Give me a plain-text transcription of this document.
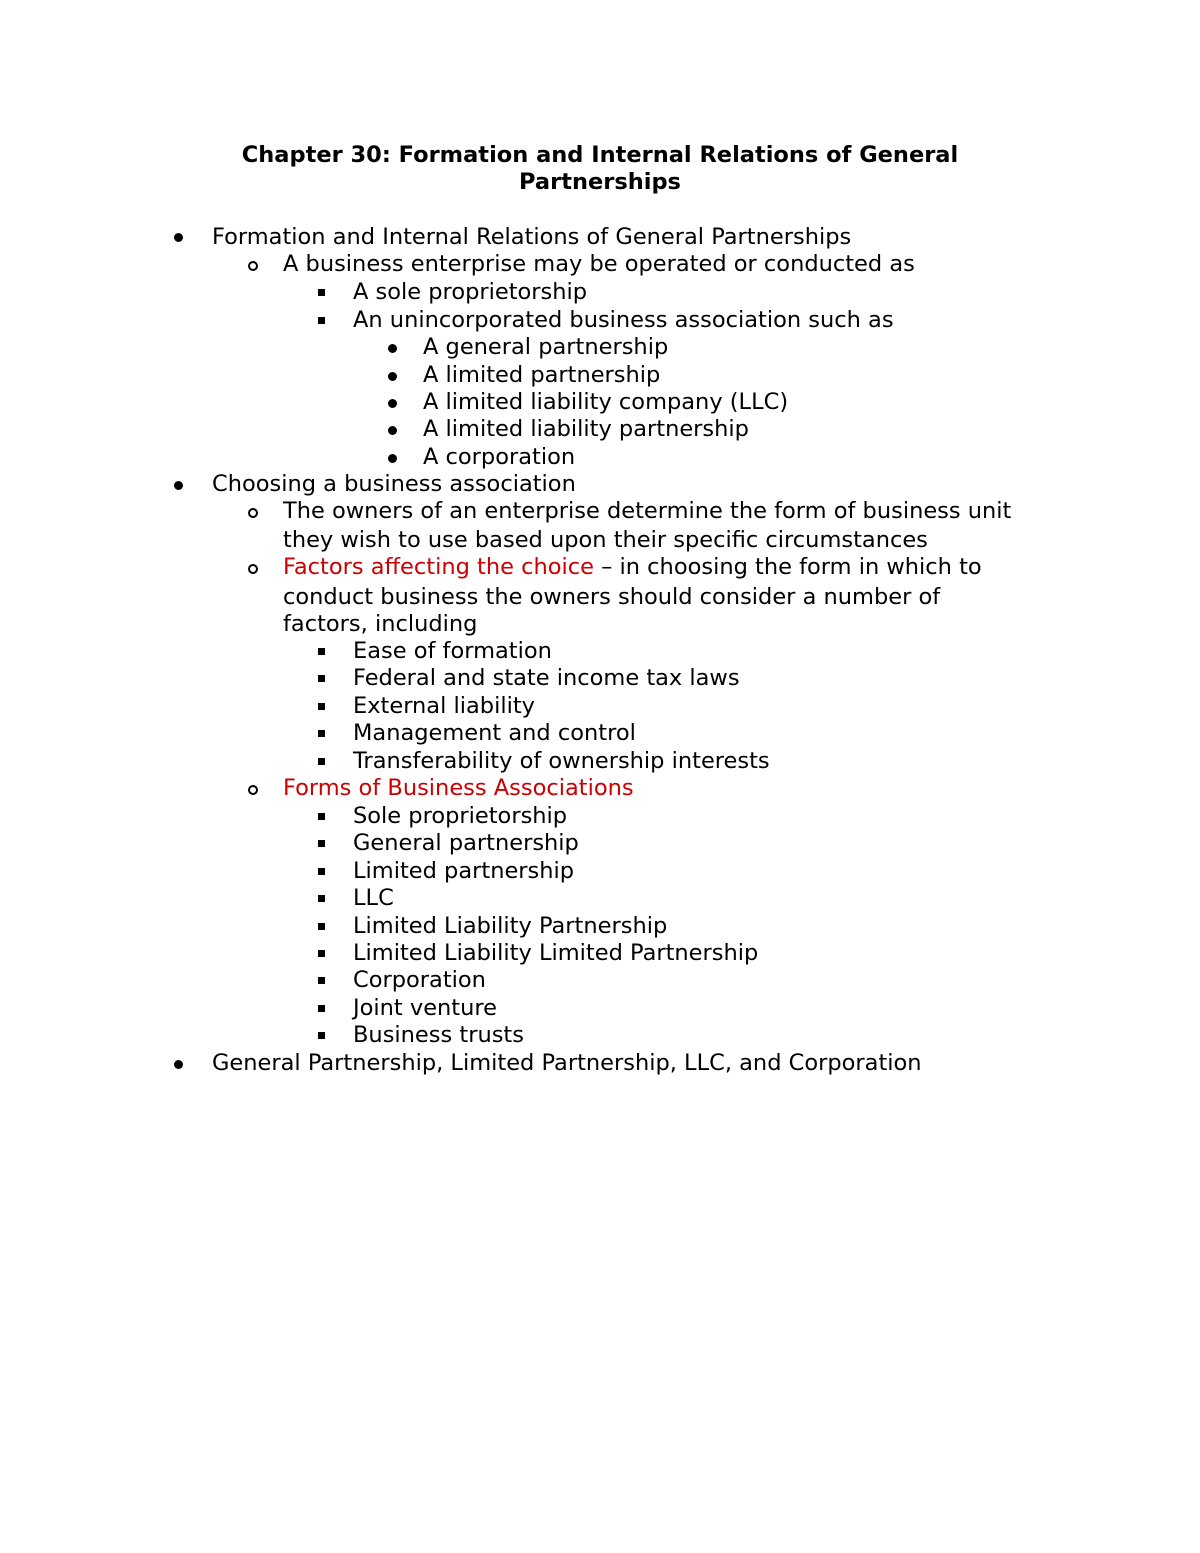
Chapter 30: Formation and Internal Relations of General
Partnerships
Formation and Internal Relations of General Partnerships
A business enterprise may be operated or conducted as
A sole proprietorship
An unincorporated business association such as
A general partnership
A limited partnership
A limited liability company (LLC)
A limited liability partnership
A corporation
Choosing a business association
The owners of an enterprise determine the form of business unit
they wish to use based upon their specific circumstances
Factors affecting the choice – in choosing the form in which to
conduct business the owners should consider a number of
factors, including
Ease of formation
Federal and state income tax laws
External liability
Management and control
Transferability of ownership interests
Forms of Business Associations
Sole proprietorship
General partnership
Limited partnership
LLC
Limited Liability Partnership
Limited Liability Limited Partnership
Corporation
Joint venture
Business trusts
General Partnership, Limited Partnership, LLC, and Corporation
